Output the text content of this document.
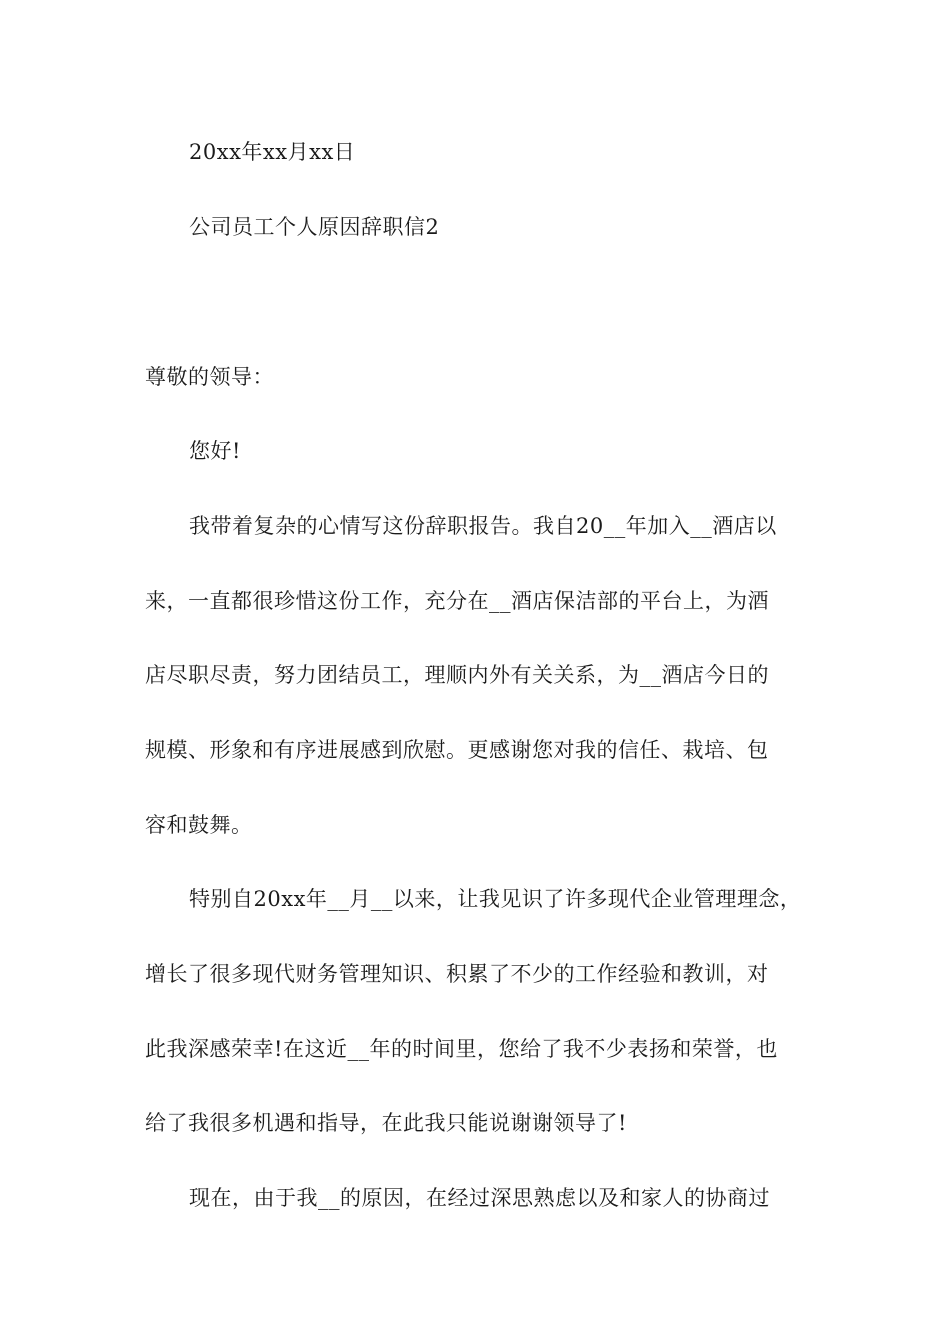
20xx年xx月xx日
公司员工个人原因辞职信2
尊敬的领导：
您好!
我带着复杂的心情写这份辞职报告。我自20__年加入__酒店以
来，一直都很珍惜这份工作，充分在__酒店保洁部的平台上，为酒
店尽职尽责，努力团结员工，理顺内外有关关系，为__酒店今日的
规模、形象和有序进展感到欣慰。更感谢您对我的信任、栽培、包
容和鼓舞。
特别自20xx年__月__以来，让我见识了许多现代企业管理理念，
增长了很多现代财务管理知识、积累了不少的工作经验和教训，对
此我深感荣幸!在这近__年的时间里，您给了我不少表扬和荣誉，也
给了我很多机遇和指导，在此我只能说谢谢领导了!
现在，由于我__的原因，在经过深思熟虑以及和家人的协商过
